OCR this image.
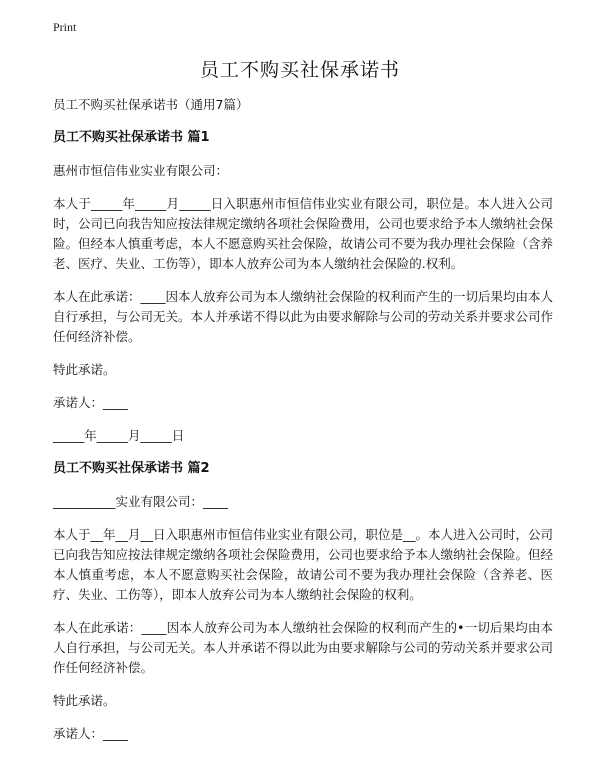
Print
员工不购买社保承诺书

员工不购买社保承诺书（通用7篇）

员工不购买社保承诺书 篇1

惠州市恒信伟业实业有限公司：

本人于_____年_____月_____日入职惠州市恒信伟业实业有限公司，职位是。本人进入公司时，公司已向我告知应按法律规定缴纳各项社会保险费用，公司也要求给予本人缴纳社会保险。但经本人慎重考虑，本人不愿意购买社会保险，故请公司不要为我办理社会保险（含养老、医疗、失业、工伤等），即本人放弃公司为本人缴纳社会保险的.权利。

本人在此承诺：____因本人放弃公司为本人缴纳社会保险的权利而产生的一切后果均由本人自行承担，与公司无关。本人并承诺不得以此为由要求解除与公司的劳动关系并要求公司作任何经济补偿。

特此承诺。

承诺人：____

_____年_____月_____日

员工不购买社保承诺书 篇2

__________实业有限公司：____

本人于__年__月__日入职惠州市恒信伟业实业有限公司，职位是__。本人进入公司时，公司已向我告知应按法律规定缴纳各项社会保险费用，公司也要求给予本人缴纳社会保险。但经本人慎重考虑，本人不愿意购买社会保险，故请公司不要为我办理社会保险（含养老、医疗、失业、工伤等），即本人放弃公司为本人缴纳社会保险的权利。

本人在此承诺：____因本人放弃公司为本人缴纳社会保险的权利而产生的•一切后果均由本人自行承担，与公司无关。本人并承诺不得以此为由要求解除与公司的劳动关系并要求公司作任何经济补偿。

特此承诺。

承诺人：____
